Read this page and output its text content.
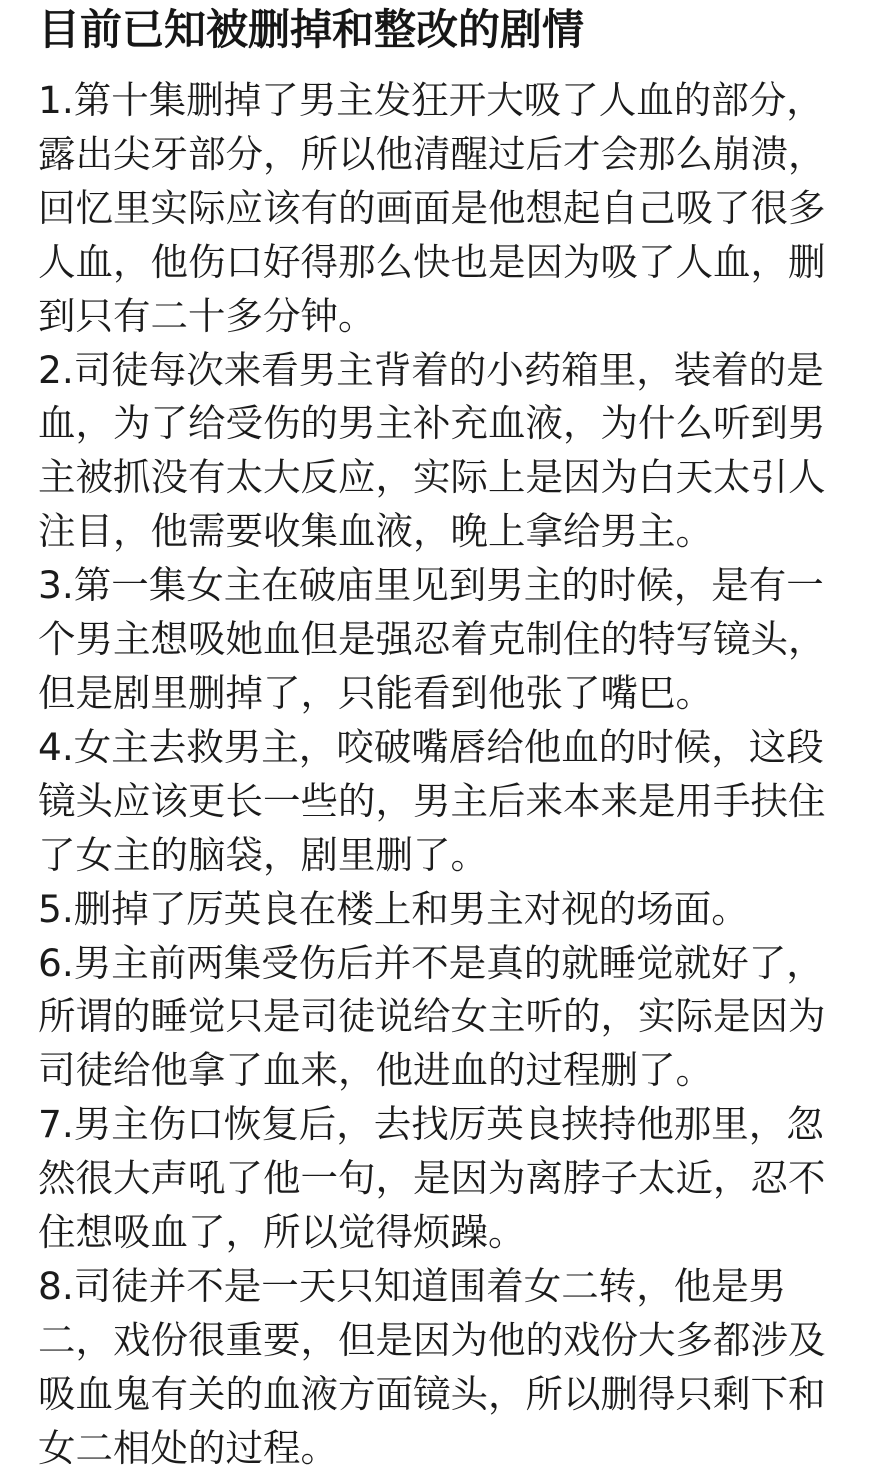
目前已知被删掉和整改的剧情
1.第十集删掉了男主发狂开大吸了人血的部分，
露出尖牙部分，所以他清醒过后才会那么崩溃，
回忆里实际应该有的画面是他想起自己吸了很多
人血，他伤口好得那么快也是因为吸了人血，删
到只有二十多分钟。
2.司徒每次来看男主背着的小药箱里，装着的是
血，为了给受伤的男主补充血液，为什么听到男
主被抓没有太大反应，实际上是因为白天太引人
注目，他需要收集血液，晚上拿给男主。
3.第一集女主在破庙里见到男主的时候，是有一
个男主想吸她血但是强忍着克制住的特写镜头，
但是剧里删掉了，只能看到他张了嘴巴。
4.女主去救男主，咬破嘴唇给他血的时候，这段
镜头应该更长一些的，男主后来本来是用手扶住
了女主的脑袋，剧里删了。
5.删掉了厉英良在楼上和男主对视的场面。
6.男主前两集受伤后并不是真的就睡觉就好了，
所谓的睡觉只是司徒说给女主听的，实际是因为
司徒给他拿了血来，他进血的过程删了。
7.男主伤口恢复后，去找厉英良挟持他那里，忽
然很大声吼了他一句，是因为离脖子太近，忍不
住想吸血了，所以觉得烦躁。
8.司徒并不是一天只知道围着女二转，他是男
二，戏份很重要，但是因为他的戏份大多都涉及
吸血鬼有关的血液方面镜头，所以删得只剩下和
女二相处的过程。
